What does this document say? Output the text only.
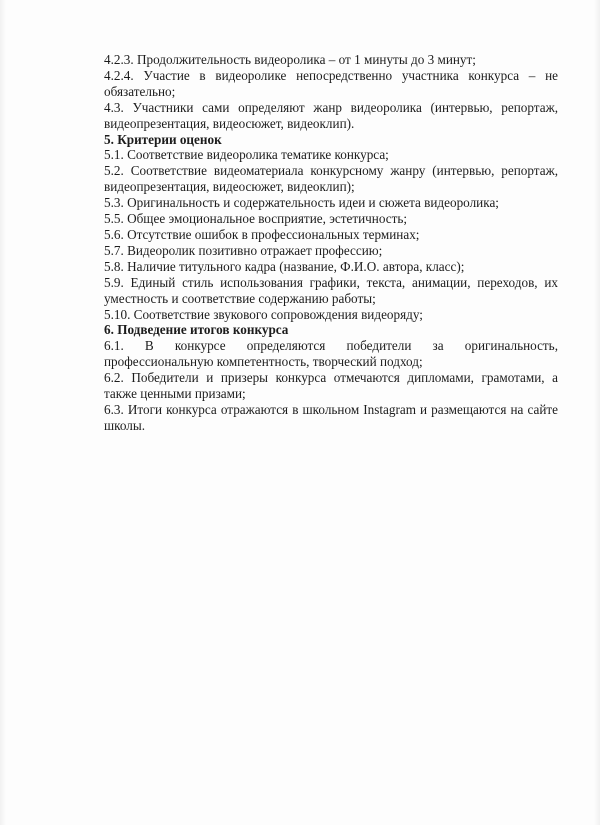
4.2.3. Продолжительность видеоролика – от 1 минуты до 3 минут;

4.2.4. Участие в видеоролике непосредственно участника конкурса – не обязательно;

4.3. Участники сами определяют жанр видеоролика (интервью, репортаж, видеопрезентация, видеосюжет, видеоклип).

5. Критерии оценок

5.1. Соответствие видеоролика тематике конкурса;

5.2. Соответствие видеоматериала конкурсному жанру (интервью, репортаж, видеопрезентация, видеосюжет, видеоклип);

5.3. Оригинальность и содержательность идеи и сюжета видеоролика;

5.5. Общее эмоциональное восприятие, эстетичность;

5.6. Отсутствие ошибок в профессиональных терминах;

5.7. Видеоролик позитивно отражает профессию;

5.8. Наличие титульного кадра (название, Ф.И.О. автора, класс);

5.9. Единый стиль использования графики, текста, анимации, переходов, их уместность и соответствие содержанию работы;

5.10. Соответствие звукового сопровождения видеоряду;

6. Подведение итогов конкурса

6.1. В конкурсе определяются победители за оригинальность, профессиональную компетентность, творческий подход;

6.2. Победители и призеры конкурса отмечаются дипломами, грамотами, а также ценными призами;

6.3. Итоги конкурса отражаются в школьном Instagram и размещаются на сайте школы.
